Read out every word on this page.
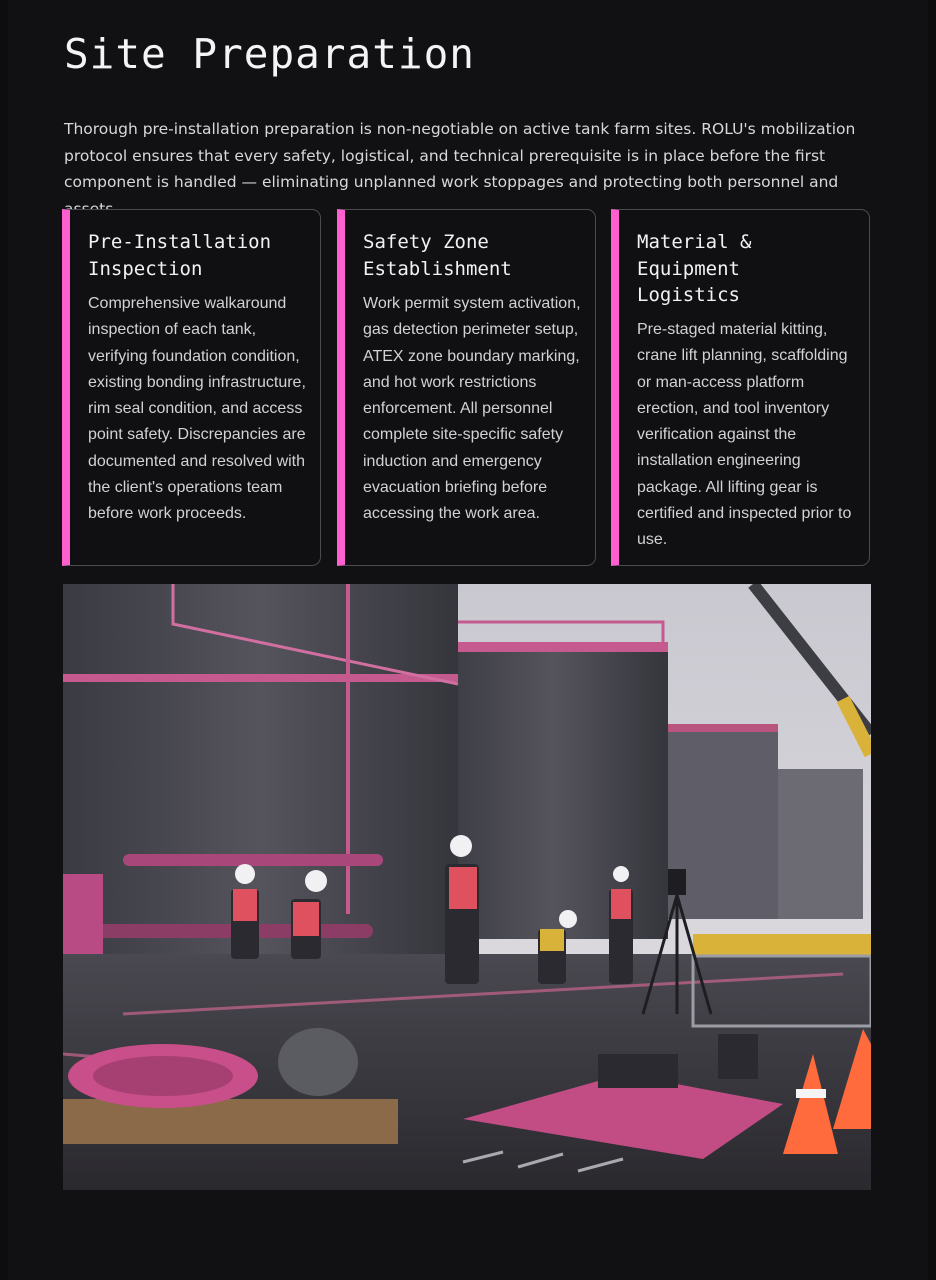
Site Preparation

Thorough pre-installation preparation is non-negotiable on active tank farm sites. ROLU's mobilization protocol ensures that every safety, logistical, and technical prerequisite is in place before the first component is handled — eliminating unplanned work stoppages and protecting both personnel and

Pre-Installation Inspection

Comprehensive walkaround inspection of each tank, verifying foundation condition, existing bonding infrastructure, rim seal condition, and access point safety. Discrepancies are documented and resolved with the client's operations team before work proceeds.

Safety Zone Establishment

Work permit system activation, gas detection perimeter setup, ATEX zone boundary marking, and hot work restrictions enforcement. All personnel complete site-specific safety induction and emergency evacuation briefing before accessing the work area.

Material & Equipment Logistics

Pre-staged material kitting, crane lift planning, scaffolding or man-access platform erection, and tool inventory verification against the installation engineering package. All lifting gear is certified and inspected prior to use.
